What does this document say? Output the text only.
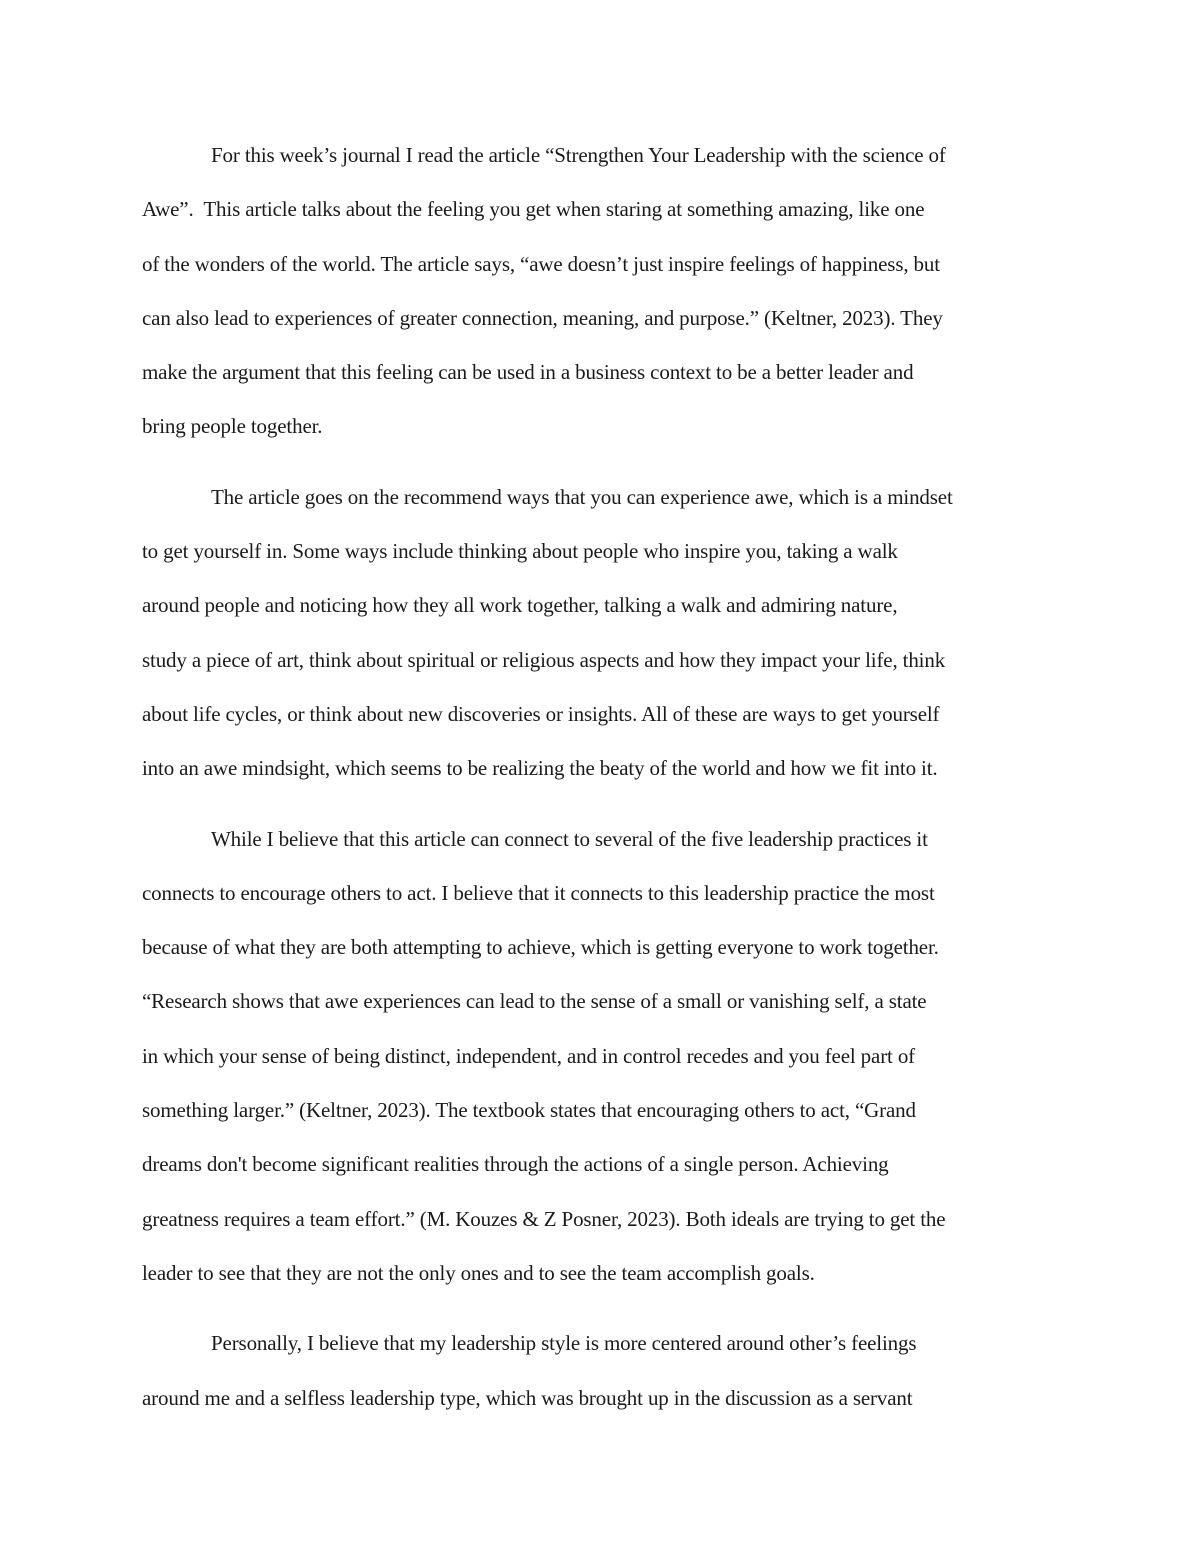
For this week’s journal I read the article “Strengthen Your Leadership with the science of
Awe”.  This article talks about the feeling you get when staring at something amazing, like one
of the wonders of the world. The article says, “awe doesn’t just inspire feelings of happiness, but
can also lead to experiences of greater connection, meaning, and purpose.” (Keltner, 2023). They
make the argument that this feeling can be used in a business context to be a better leader and
bring people together.
The article goes on the recommend ways that you can experience awe, which is a mindset
to get yourself in. Some ways include thinking about people who inspire you, taking a walk
around people and noticing how they all work together, talking a walk and admiring nature,
study a piece of art, think about spiritual or religious aspects and how they impact your life, think
about life cycles, or think about new discoveries or insights. All of these are ways to get yourself
into an awe mindsight, which seems to be realizing the beaty of the world and how we fit into it.
While I believe that this article can connect to several of the five leadership practices it
connects to encourage others to act. I believe that it connects to this leadership practice the most
because of what they are both attempting to achieve, which is getting everyone to work together.
“Research shows that awe experiences can lead to the sense of a small or vanishing self, a state
in which your sense of being distinct, independent, and in control recedes and you feel part of
something larger.” (Keltner, 2023). The textbook states that encouraging others to act, “Grand
dreams don't become significant realities through the actions of a single person. Achieving
greatness requires a team effort.” (M. Kouzes & Z Posner, 2023). Both ideals are trying to get the
leader to see that they are not the only ones and to see the team accomplish goals.
Personally, I believe that my leadership style is more centered around other’s feelings
around me and a selfless leadership type, which was brought up in the discussion as a servant
